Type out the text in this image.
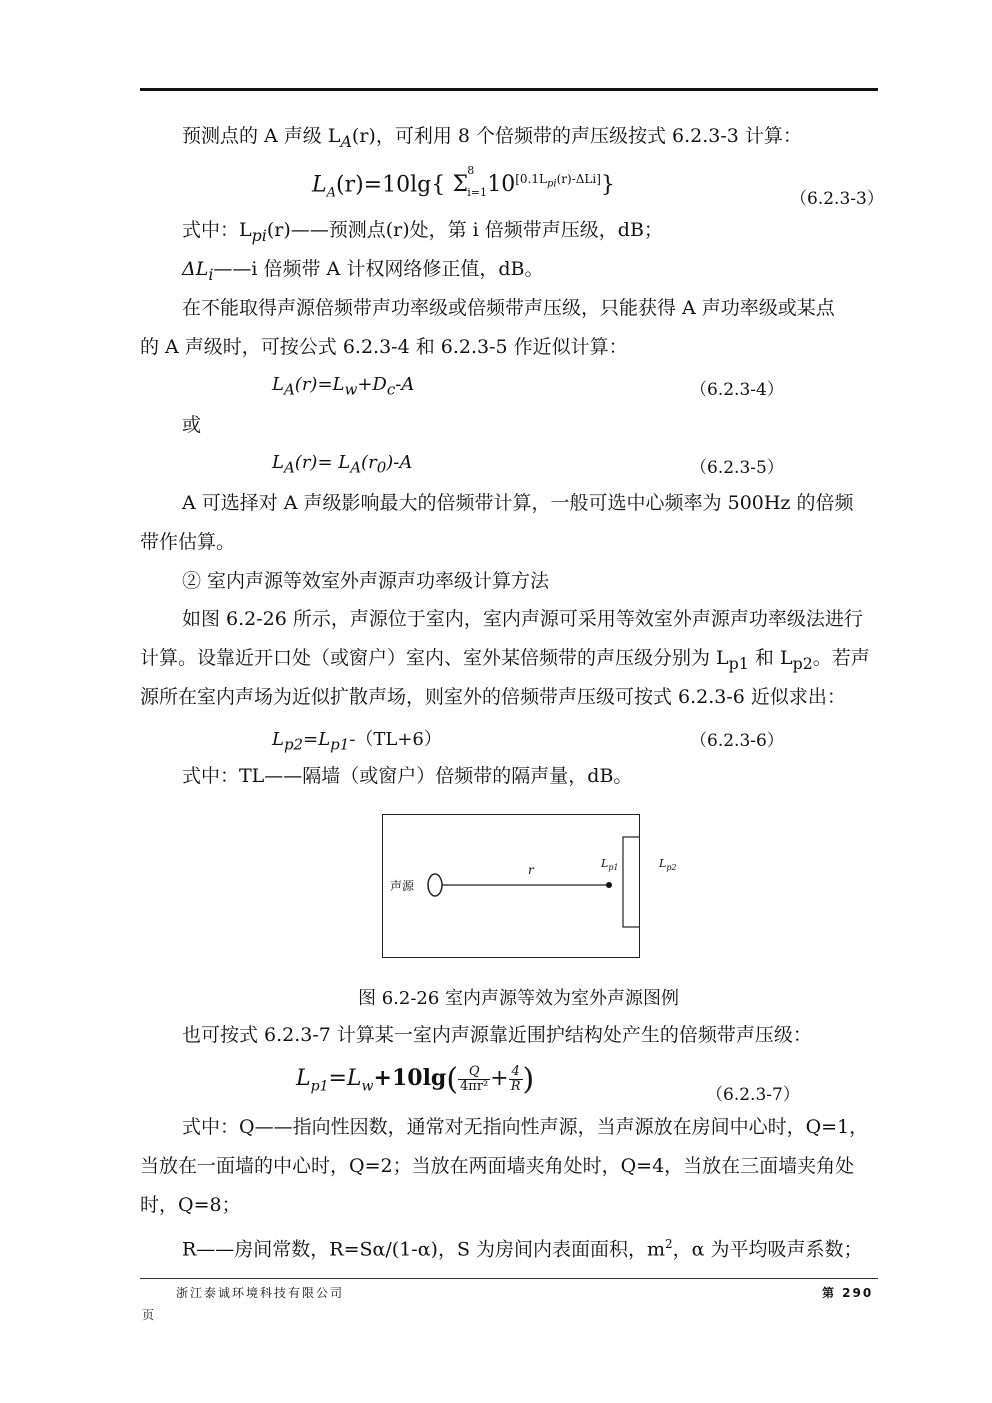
预测点的 A 声级 $L_A(r)$，可利用 8 个倍频带的声压级按式 6.2.3-3 计算：
$L_A(r)=10\lg${ Σ
8
i=1 10[0.1Lpi(r)-ΔLi]}
（6.2.3-3）
式中：$L_{pi}(r)——$预测点(r)处，第 i 倍频带声压级，dB；
$\Delta L_i——i$ 倍频带 A 计权网络修正值，dB。
在不能取得声源倍频带声功率级或倍频带声压级，只能获得 A 声功率级或某点
的 A 声级时，可按公式 6.2.3-4 和 6.2.3-5 作近似计算：
$L_A(r)=L_w+D_c-A$	（6.2.3-4）
或
$L_A(r)= L_A(r_0)-A$	（6.2.3-5）
A 可选择对 A 声级影响最大的倍频带计算，一般可选中心频率为 500Hz 的倍频
带作估算。
② 室内声源等效室外声源声功率级计算方法
如图 6.2-26 所示，声源位于室内，室内声源可采用等效室外声源声功率级法进行
计算。设靠近开口处（或窗户）室内、室外某倍频带的声压级分别为 $L_{p1}$ 和 $L_{p2}$。若声
源所在室内声场为近似扩散声场，则室外的倍频带声压级可按式 6.2.3-6 近似求出：
$L_{p2}=L_{p1}-(TL+6)$	（6.2.3-6）
式中：TL——隔墙（或窗户）倍频带的隔声量，dB。
声源
r	$L_{p1}$	$L_{p2}$
图 6.2-26 室内声源等效为室外声源图例
也可按式 6.2.3-7 计算某一室内声源靠近围护结构处产生的倍频带声压级：
$L_{p1}=L_w+10\lg(\frac{Q}{\text{4πr²}}+\frac{4}{R})$	（6.2.3-7）
式中：Q——指向性因数，通常对无指向性声源，当声源放在房间中心时，Q=1，
当放在一面墙的中心时，Q=2；当放在两面墙夹角处时，Q=4，当放在三面墙夹角处
时，Q=8；
R——房间常数，R=Sα/(1-α)，S 为房间内表面面积，$m^2$，α 为平均吸声系数；
浙江泰诚环境科技有限公司	第 290
页
